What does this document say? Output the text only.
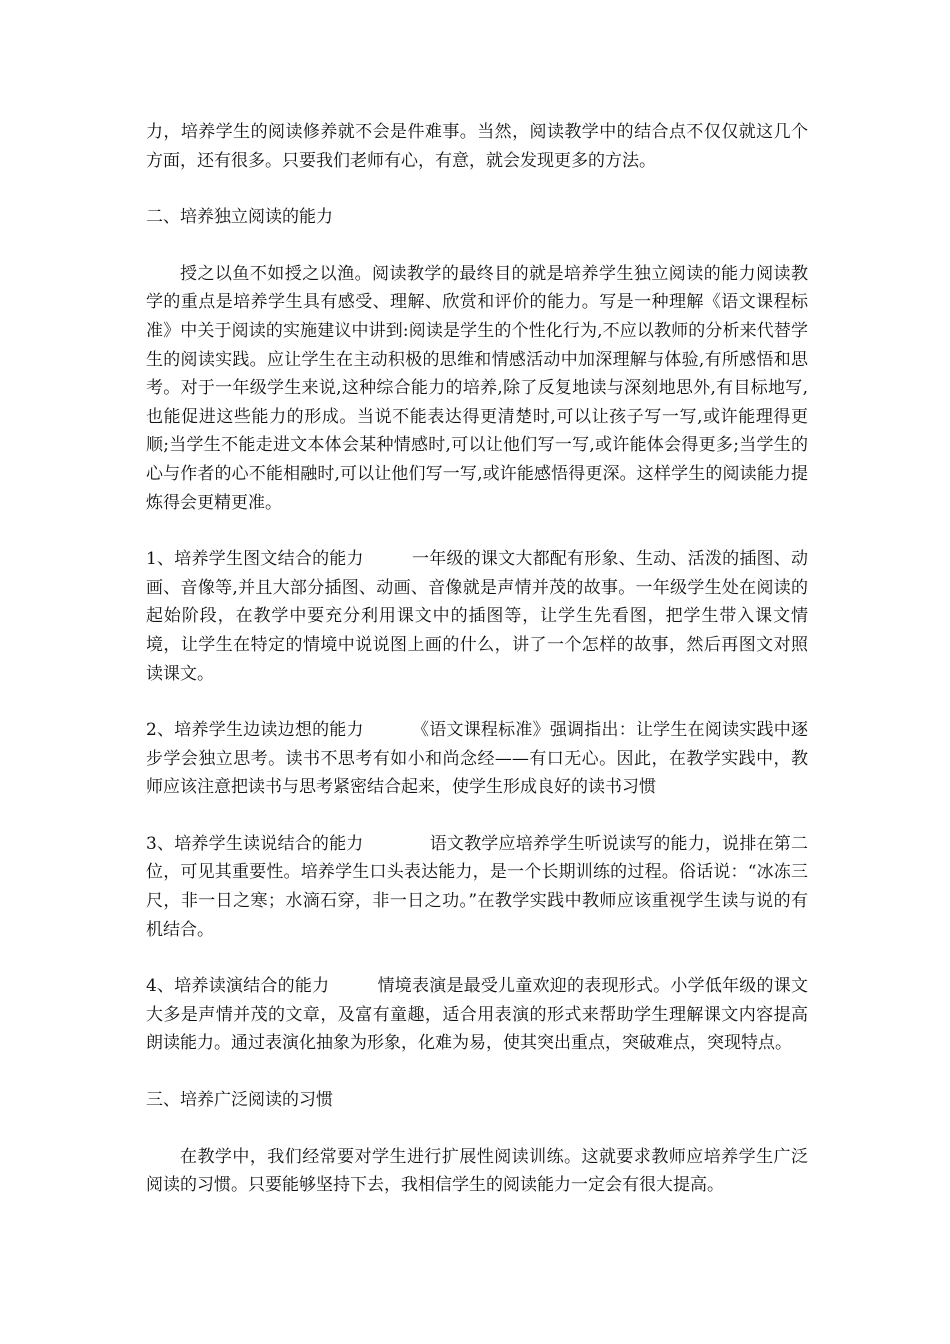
力，培养学生的阅读修养就不会是件难事。当然，阅读教学中的结合点不仅仅就这几个方面，还有很多。只要我们老师有心，有意，就会发现更多的方法。

二、培养独立阅读的能力

授之以鱼不如授之以渔。阅读教学的最终目的就是培养学生独立阅读的能力阅读教学的重点是培养学生具有感受、理解、欣赏和评价的能力。写是一种理解《语文课程标准》中关于阅读的实施建议中讲到:阅读是学生的个性化行为,不应以教师的分析来代替学生的阅读实践。应让学生在主动积极的思维和情感活动中加深理解与体验,有所感悟和思考。对于一年级学生来说,这种综合能力的培养,除了反复地读与深刻地思外,有目标地写,也能促进这些能力的形成。当说不能表达得更清楚时,可以让孩子写一写,或许能理得更顺;当学生不能走进文本体会某种情感时,可以让他们写一写,或许能体会得更多;当学生的心与作者的心不能相融时,可以让他们写一写,或许能感悟得更深。这样学生的阅读能力提炼得会更精更准。

1、培养学生图文结合的能力	一年级的课文大都配有形象、生动、活泼的插图、动画、音像等,并且大部分插图、动画、音像就是声情并茂的故事。一年级学生处在阅读的起始阶段，在教学中要充分利用课文中的插图等，让学生先看图，把学生带入课文情境，让学生在特定的情境中说说图上画的什么，讲了一个怎样的故事，然后再图文对照读课文。

2、培养学生边读边想的能力	《语文课程标准》强调指出：让学生在阅读实践中逐步学会独立思考。读书不思考有如小和尚念经——有口无心。因此，在教学实践中，教师应该注意把读书与思考紧密结合起来，使学生形成良好的读书习惯

3、培养学生读说结合的能力	语文教学应培养学生听说读写的能力，说排在第二位，可见其重要性。培养学生口头表达能力，是一个长期训练的过程。俗话说：“冰冻三尺，非一日之寒；水滴石穿，非一日之功。”在教学实践中教师应该重视学生读与说的有机结合。

4、培养读演结合的能力	情境表演是最受儿童欢迎的表现形式。小学低年级的课文大多是声情并茂的文章，及富有童趣，适合用表演的形式来帮助学生理解课文内容提高朗读能力。通过表演化抽象为形象，化难为易，使其突出重点，突破难点，突现特点。

三、培养广泛阅读的习惯

在教学中，我们经常要对学生进行扩展性阅读训练。这就要求教师应培养学生广泛阅读的习惯。只要能够坚持下去，我相信学生的阅读能力一定会有很大提高。
